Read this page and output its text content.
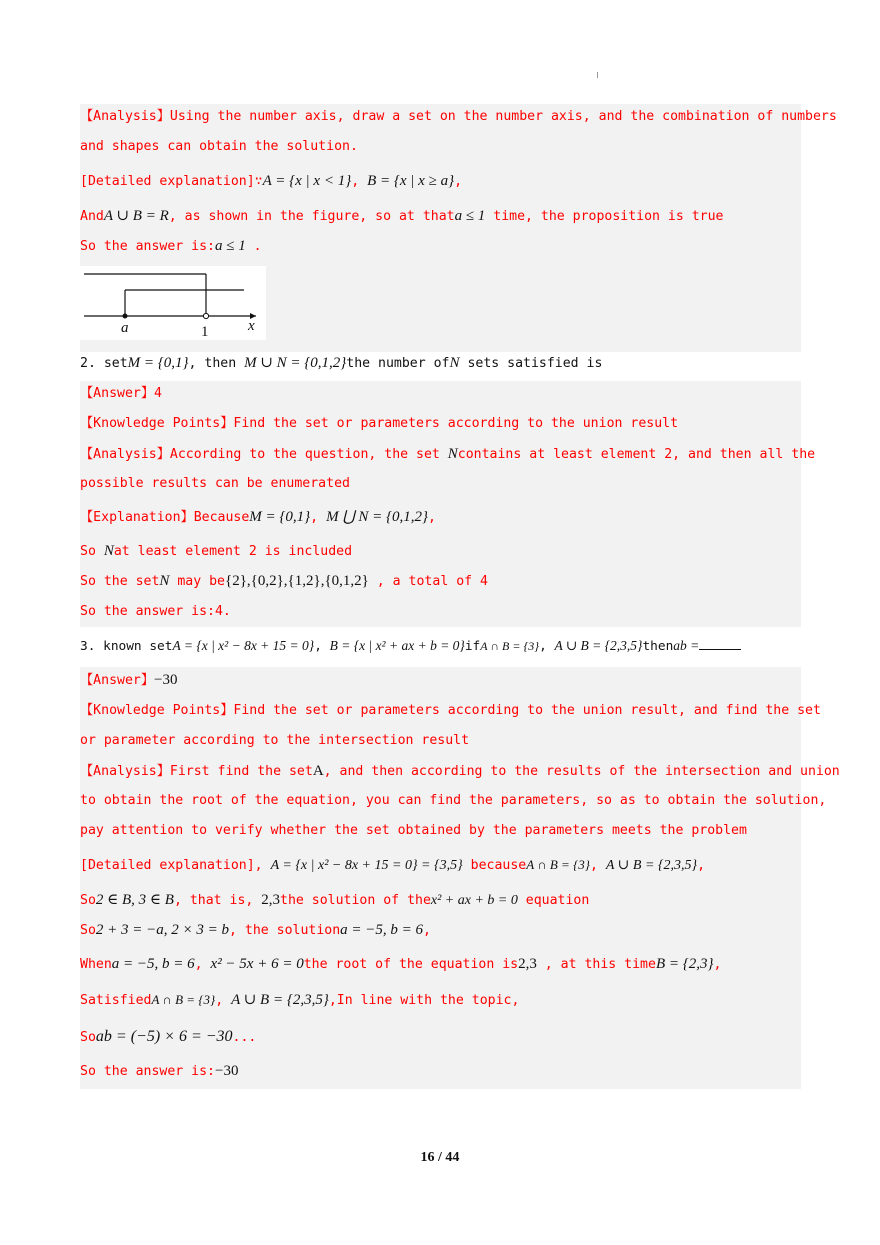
【Analysis】Using the number axis, draw a set on the number axis, and the combination of numbers
and shapes can obtain the solution.
[Detailed explanation]∵A = {x | x < 1}, B = {x | x ≥ a},
AndA ∪ B = R, as shown in the figure, so at thata ≤ 1 time, the proposition is true
So the answer is:a ≤ 1 .
a	1	x
2. setM = {0,1}, then M ∪ N = {0,1,2}the number ofN sets satisfied is
【Answer】4
【Knowledge Points】Find the set or parameters according to the union result
【Analysis】According to the question, the set Ncontains at least element 2, and then all the
possible results can be enumerated
【Explanation】BecauseM = {0,1}, M ⋃ N = {0,1,2},
So Nat least element 2 is included
So the setN may be{2},{0,2},{1,2},{0,1,2} , a total of 4
So the answer is:4.
3. known setA = {x | x² − 8x + 15 = 0}, B = {x | x² + ax + b = 0}ifA ∩ B = {3}, A ∪ B = {2,3,5}thenab =
【Answer】−30
【Knowledge Points】Find the set or parameters according to the union result, and find the set
or parameter according to the intersection result
【Analysis】First find the setA, and then according to the results of the intersection and union
to obtain the root of the equation, you can find the parameters, so as to obtain the solution,
pay attention to verify whether the set obtained by the parameters meets the problem
[Detailed explanation], A = {x | x² − 8x + 15 = 0} = {3,5} becauseA ∩ B = {3}, A ∪ B = {2,3,5},
So2 ∈ B, 3 ∈ B, that is, 2,3the solution of thex² + ax + b = 0 equation
So2 + 3 = −a, 2 × 3 = b, the solutiona = −5, b = 6,
Whena = −5, b = 6, x² − 5x + 6 = 0the root of the equation is2,3 , at this timeB = {2,3},
SatisfiedA ∩ B = {3}, A ∪ B = {2,3,5},In line with the topic,
Soab = (−5) × 6 = −30...
So the answer is:−30
16 / 44
